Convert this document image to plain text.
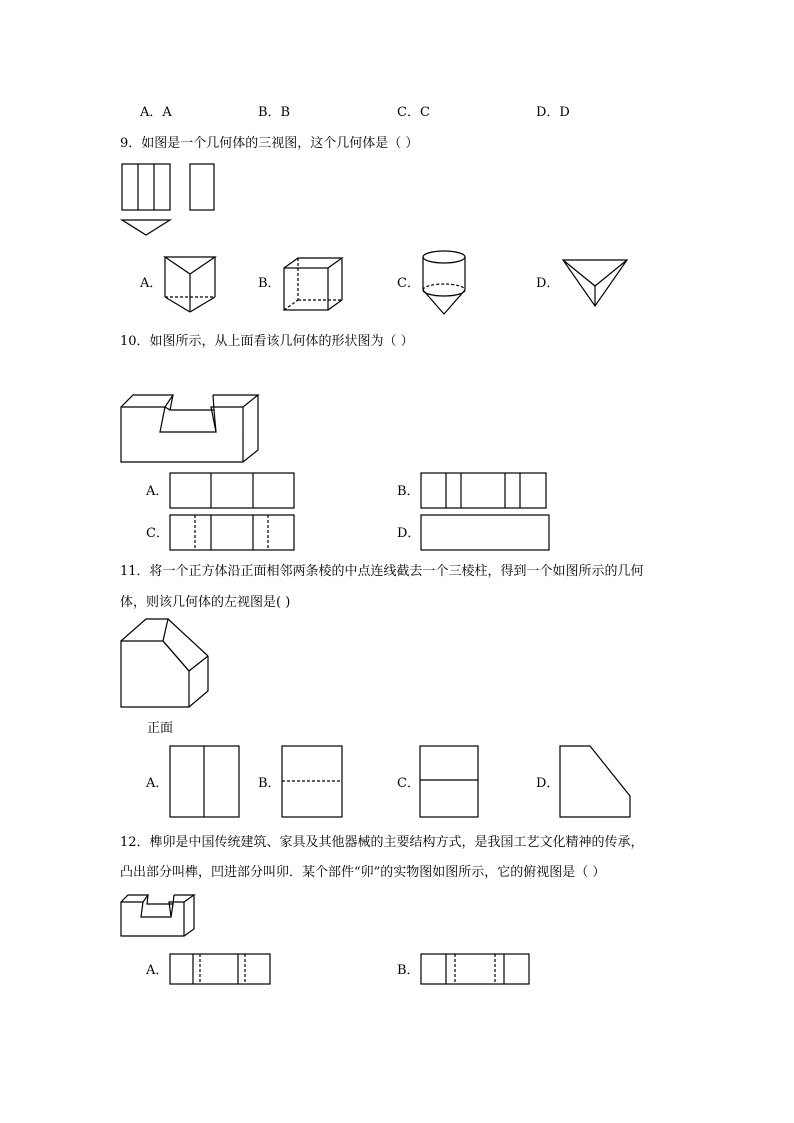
A．A	B．B	C．C	D．D
9．如图是一个几何体的三视图，这个几何体是（ ）
A．	B．	C．	D．
10．如图所示，从上面看该几何体的形状图为（ ）
A．	B．
C．	D．
11．将一个正方体沿正面相邻两条棱的中点连线截去一个三棱柱，得到一个如图所示的几何
体，则该几何体的左视图是( )
正面
A．	B．	C．	D．
12．榫卯是中国传统建筑、家具及其他器械的主要结构方式，是我国工艺文化精神的传承，
凸出部分叫榫，凹进部分叫卯．某个部件“卯”的实物图如图所示，它的俯视图是（ ）
A．	B．
